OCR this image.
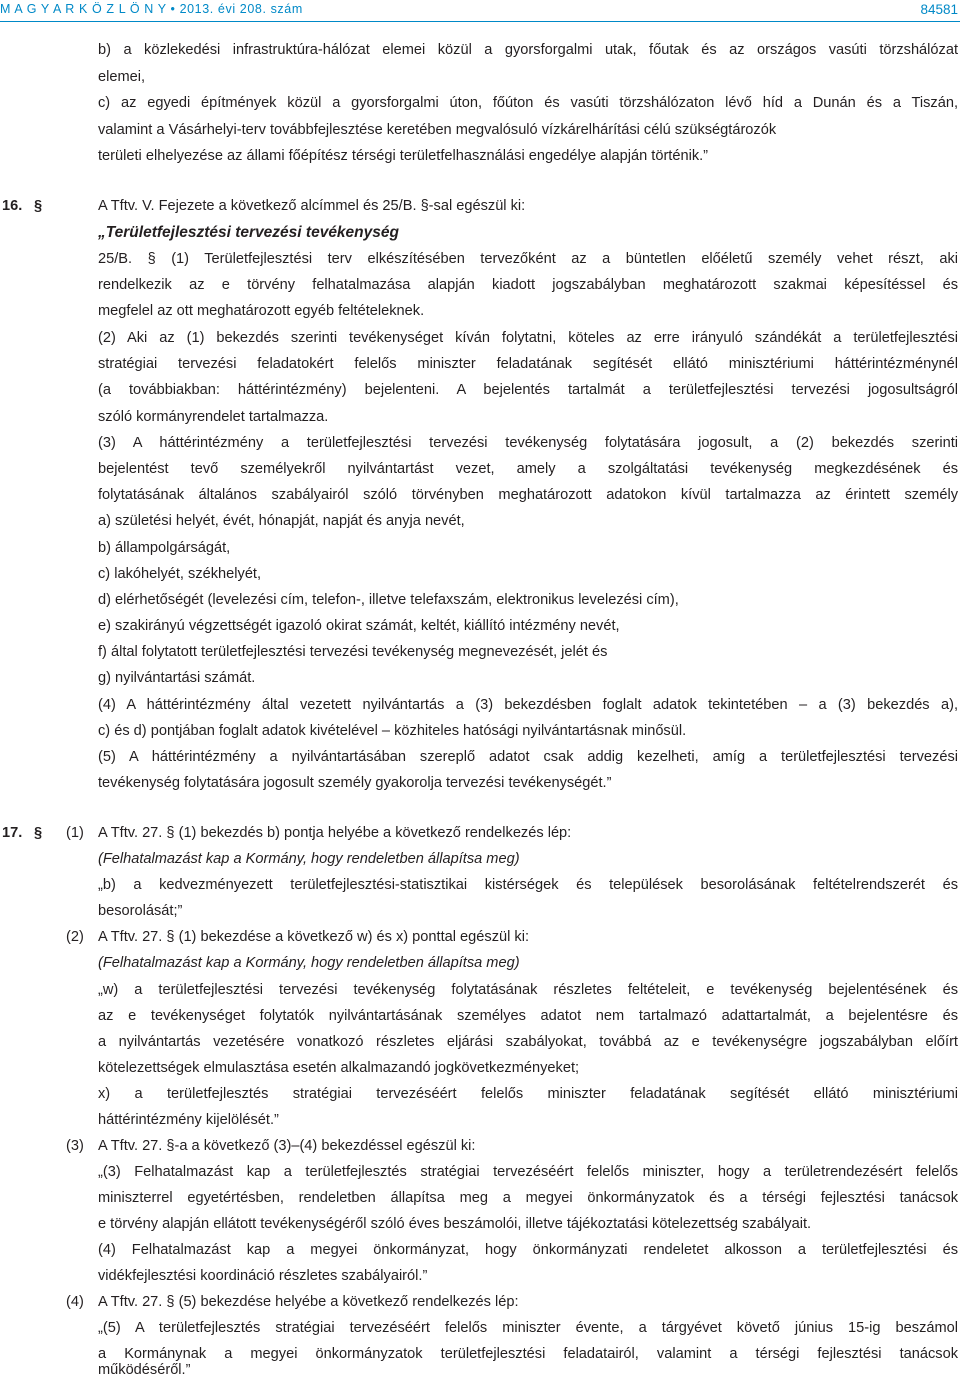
M A G Y A R K Ö Z L Ö N Y • 2013. évi 208. szám	84581
b) a közlekedési infrastruktúra-hálózat elemei közül a gyorsforgalmi utak, főutak és az országos vasúti törzshálózat
elemei,
c) az egyedi építmények közül a gyorsforgalmi úton, főúton és vasúti törzshálózaton lévő híd a Dunán és a Tiszán,
valamint a Vásárhelyi-terv továbbfejlesztése keretében megvalósuló vízkárelhárítási célú szükségtározók
területi elhelyezése az állami főépítész térségi területfelhasználási engedélye alapján történik.”
16. §	A Tftv. V. Fejezete a következő alcímmel és 25/B. §-sal egészül ki:
„Területfejlesztési tervezési tevékenység
25/B. § (1) Területfejlesztési terv elkészítésében tervezőként az a büntetlen előéletű személy vehet részt, aki
rendelkezik az e törvény felhatalmazása alapján kiadott jogszabályban meghatározott szakmai képesítéssel és
megfelel az ott meghatározott egyéb feltételeknek.
(2) Aki az (1) bekezdés szerinti tevékenységet kíván folytatni, köteles az erre irányuló szándékát a területfejlesztési
stratégiai tervezési feladatokért felelős miniszter feladatának segítését ellátó minisztériumi háttérintézménynél
(a továbbiakban: háttérintézmény) bejelenteni. A bejelentés tartalmát a területfejlesztési tervezési jogosultságról
szóló kormányrendelet tartalmazza.
(3) A háttérintézmény a területfejlesztési tervezési tevékenység folytatására jogosult, a (2) bekezdés szerinti
bejelentést tevő személyekről nyilvántartást vezet, amely a szolgáltatási tevékenység megkezdésének és
folytatásának általános szabályairól szóló törvényben meghatározott adatokon kívül tartalmazza az érintett személy
a) születési helyét, évét, hónapját, napját és anyja nevét,
b) állampolgárságát,
c) lakóhelyét, székhelyét,
d) elérhetőségét (levelezési cím, telefon-, illetve telefaxszám, elektronikus levelezési cím),
e) szakirányú végzettségét igazoló okirat számát, keltét, kiállító intézmény nevét,
f) által folytatott területfejlesztési tervezési tevékenység megnevezését, jelét és
g) nyilvántartási számát.
(4) A háttérintézmény által vezetett nyilvántartás a (3) bekezdésben foglalt adatok tekintetében – a (3) bekezdés a),
c) és d) pontjában foglalt adatok kivételével – közhiteles hatósági nyilvántartásnak minősül.
(5) A háttérintézmény a nyilvántartásában szereplő adatot csak addig kezelheti, amíg a területfejlesztési tervezési
tevékenység folytatására jogosult személy gyakorolja tervezési tevékenységét.”
17. § (1) A Tftv. 27. § (1) bekezdés b) pontja helyébe a következő rendelkezés lép:
(Felhatalmazást kap a Kormány, hogy rendeletben állapítsa meg)
„b) a kedvezményezett területfejlesztési-statisztikai kistérségek és települések besorolásának feltételrendszerét és
besorolását;”
(2) A Tftv. 27. § (1) bekezdése a következő w) és x) ponttal egészül ki:
(Felhatalmazást kap a Kormány, hogy rendeletben állapítsa meg)
„w) a területfejlesztési tervezési tevékenység folytatásának részletes feltételeit, e tevékenység bejelentésének és
az e tevékenységet folytatók nyilvántartásának személyes adatot nem tartalmazó adattartalmát, a bejelentésre és
a nyilvántartás vezetésére vonatkozó részletes eljárási szabályokat, továbbá az e tevékenységre jogszabályban előírt
kötelezettségek elmulasztása esetén alkalmazandó jogkövetkezményeket;
x) a területfejlesztés stratégiai tervezéséért felelős miniszter feladatának segítését ellátó minisztériumi
háttérintézmény kijelölését.”
(3) A Tftv. 27. §-a a következő (3)–(4) bekezdéssel egészül ki:
„(3) Felhatalmazást kap a területfejlesztés stratégiai tervezéséért felelős miniszter, hogy a területrendezésért felelős
miniszterrel egyetértésben, rendeletben állapítsa meg a megyei önkormányzatok és a térségi fejlesztési tanácsok
e törvény alapján ellátott tevékenységéről szóló éves beszámolói, illetve tájékoztatási kötelezettség szabályait.
(4) Felhatalmazást kap a megyei önkormányzat, hogy önkormányzati rendeletet alkosson a területfejlesztési és
vidékfejlesztési koordináció részletes szabályairól.”
(4) A Tftv. 27. § (5) bekezdése helyébe a következő rendelkezés lép:
„(5) A területfejlesztés stratégiai tervezéséért felelős miniszter évente, a tárgyévet követő június 15-ig beszámol
a Kormánynak a megyei önkormányzatok területfejlesztési feladatairól, valamint a térségi fejlesztési tanácsok
működéséről.”
